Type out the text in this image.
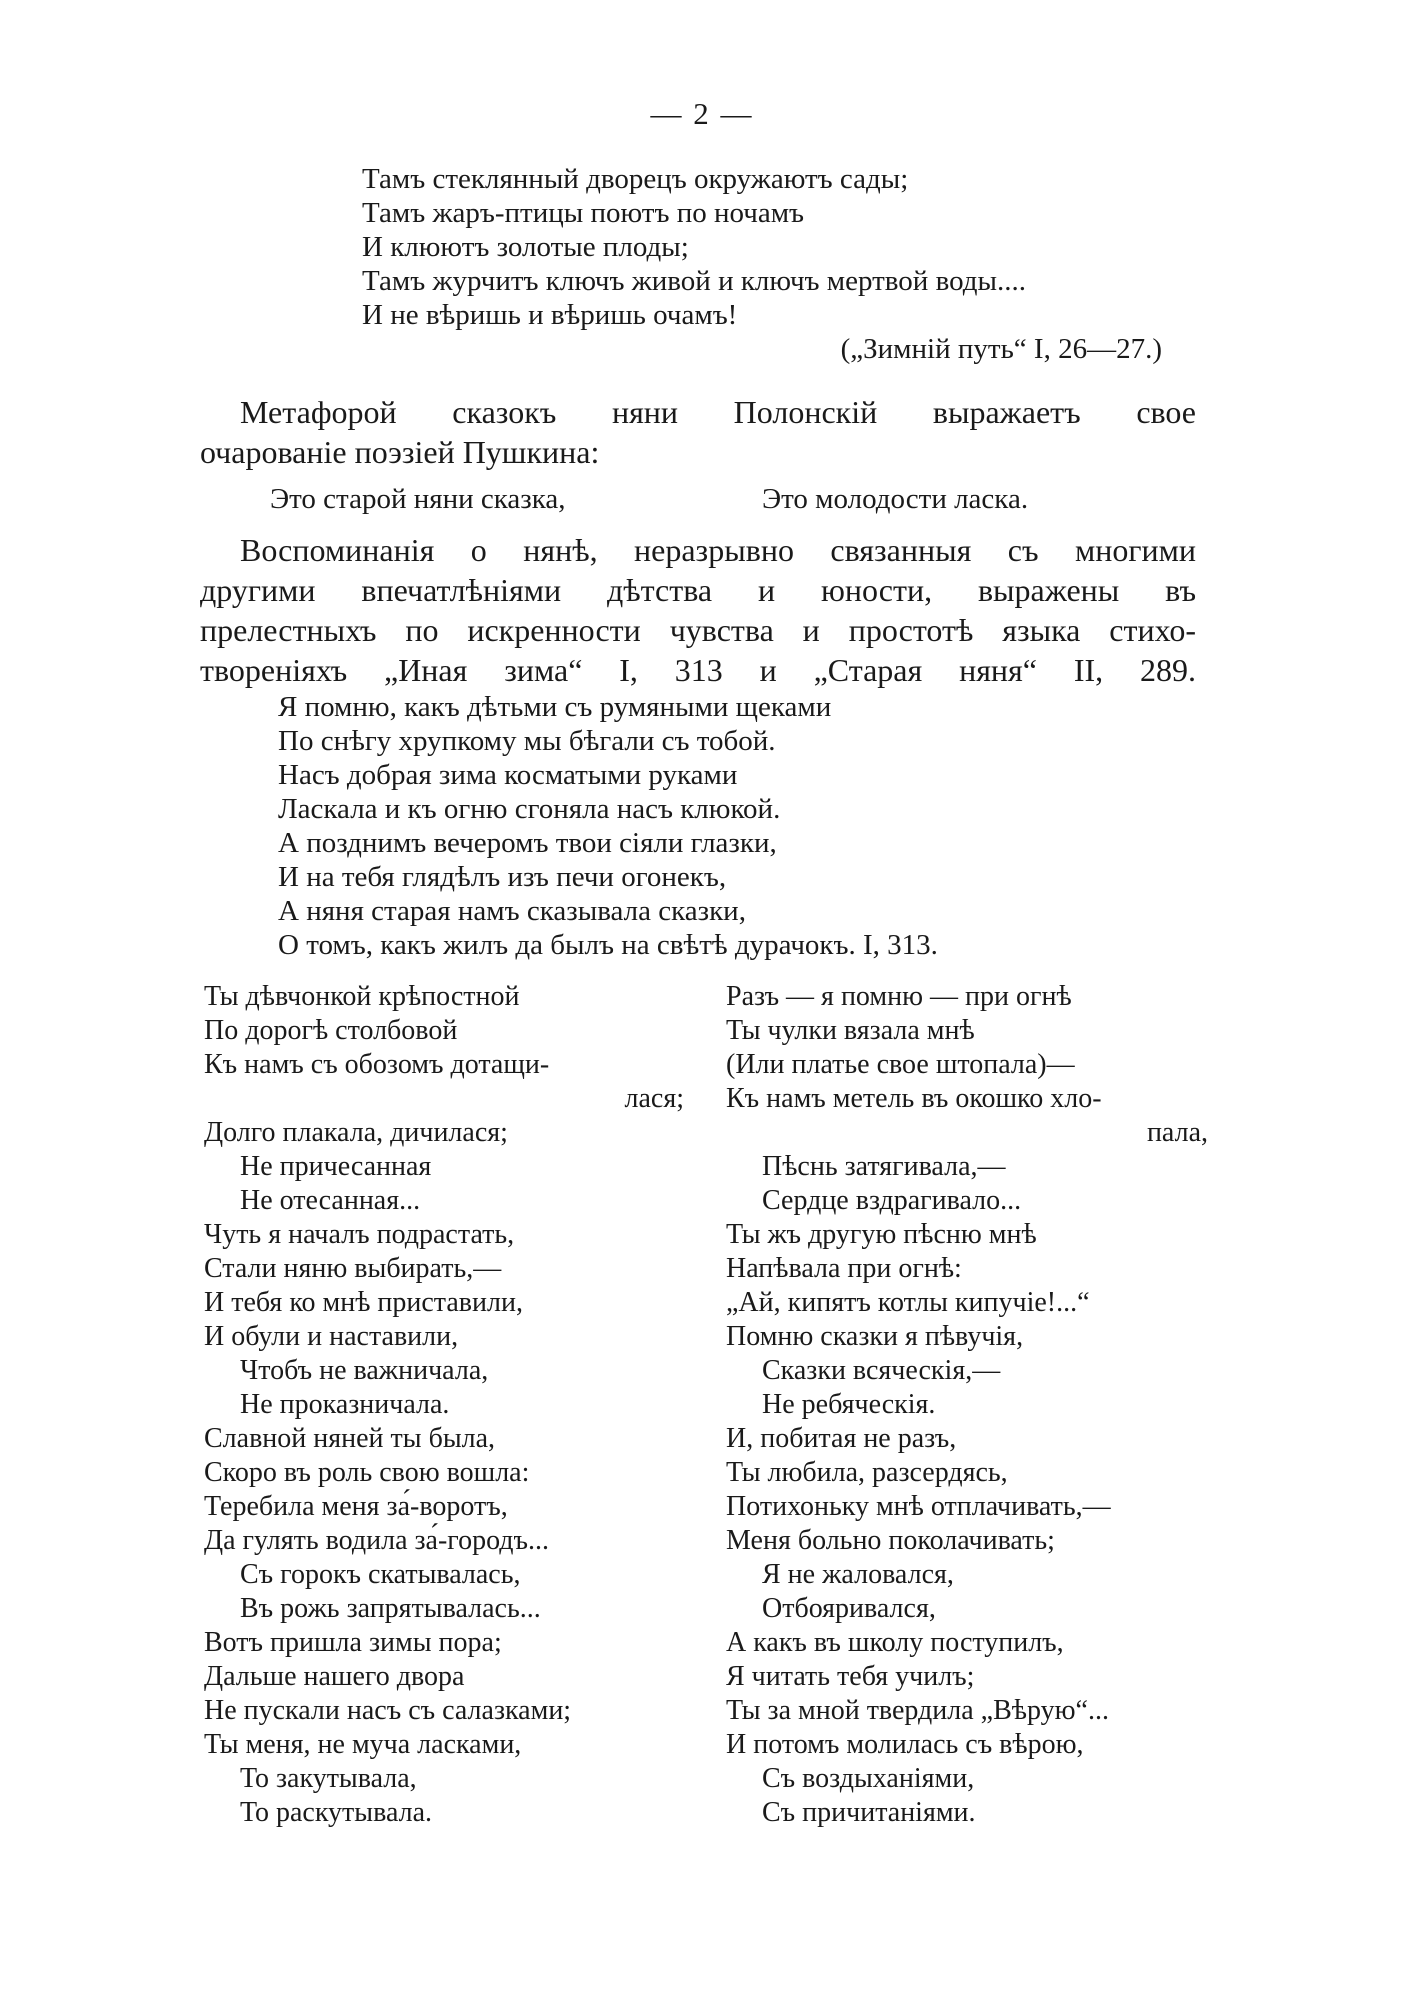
— 2 —
Тамъ стеклянный дворецъ окружаютъ сады;
Тамъ жаръ-птицы поютъ по ночамъ
И клюютъ золотые плоды;
Тамъ журчитъ ключъ живой и ключъ мертвой воды....
И не вѣришь и вѣришь очамъ!
(„Зимній путь“ I, 26—27.)
Метафорой сказокъ няни Полонскій выражаетъ свое
очарованіе поэзіей Пушкина:
Это старой няни сказка,	Это молодости ласка.
Воспоминанія о нянѣ, неразрывно связанныя съ многими
другими впечатлѣніями дѣтства и юности, выражены въ
прелестныхъ по искренности чувства и простотѣ языка стихо-
твореніяхъ „Иная зима“ I, 313 и „Старая няня“ II, 289.
Я помню, какъ дѣтьми съ румяными щеками
По снѣгу хрупкому мы бѣгали съ тобой.
Насъ добрая зима косматыми руками
Ласкала и къ огню сгоняла насъ клюкой.
А позднимъ вечеромъ твои сіяли глазки,
И на тебя глядѣлъ изъ печи огонекъ,
А няня старая намъ сказывала сказки,
О томъ, какъ жилъ да былъ на свѣтѣ дурачокъ. I, 313.
Ты дѣвчонкой крѣпостной
По дорогѣ столбовой
Къ намъ съ обозомъ дотащи-
лася;
Долго плакала, дичилася;
Не причесанная
Не отесанная...
Чуть я началъ подрастать,
Стали няню выбирать,—
И тебя ко мнѣ приставили,
И обули и наставили,
Чтобъ не важничала,
Не проказничала.
Славной няней ты была,
Скоро въ роль свою вошла:
Теребила меня за́-воротъ,
Да гулять водила за́-городъ...
Съ горокъ скатывалась,
Въ рожь запрятывалась...
Вотъ пришла зимы пора;
Дальше нашего двора
Не пускали насъ съ салазками;
Ты меня, не муча ласками,
То закутывала,
То раскутывала.
Разъ — я помню — при огнѣ
Ты чулки вязала мнѣ
(Или платье свое штопала)—
Къ намъ метель въ окошко хло-
пала,
Пѣснь затягивала,—
Сердце вздрагивало...
Ты жъ другую пѣсню мнѣ
Напѣвала при огнѣ:
„Ай, кипятъ котлы кипучіе!...“
Помню сказки я пѣвучія,
Сказки всяческія,—
Не ребяческія.
И, побитая не разъ,
Ты любила, разсердясь,
Потихоньку мнѣ отплачивать,—
Меня больно поколачивать;
Я не жаловался,
Отбояривался,
А какъ въ школу поступилъ,
Я читать тебя училъ;
Ты за мной твердила „Вѣрую“...
И потомъ молилась съ вѣрою,
Съ воздыханіями,
Съ причитаніями.
